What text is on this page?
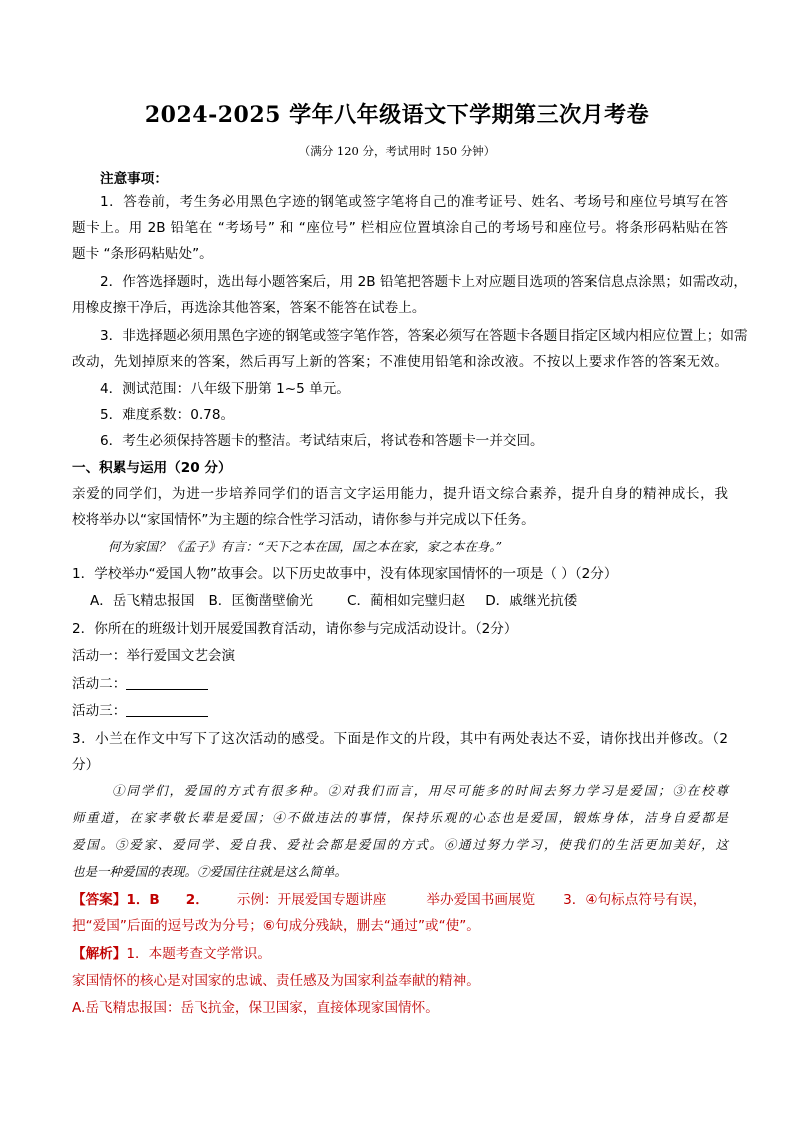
2024-2025 学年八年级语文下学期第三次月考卷
（满分 120 分，考试用时 150 分钟）
注意事项：
1．答卷前，考生务必用黑色字迹的钢笔或签字笔将自己的准考证号、姓名、考场号和座位号填写在答
题卡上。用 2B 铅笔在 “考场号” 和 “座位号” 栏相应位置填涂自己的考场号和座位号。将条形码粘贴在答
题卡 “条形码粘贴处”。
2．作答选择题时，选出每小题答案后，用 2B 铅笔把答题卡上对应题目选项的答案信息点涂黑；如需改动，
用橡皮擦干净后，再选涂其他答案，答案不能答在试卷上。
3．非选择题必须用黑色字迹的钢笔或签字笔作答，答案必须写在答题卡各题目指定区域内相应位置上；如需
改动，先划掉原来的答案，然后再写上新的答案；不准使用铅笔和涂改液。不按以上要求作答的答案无效。
4．测试范围：八年级下册第 1~5 单元。
5．难度系数：0.78。
6．考生必须保持答题卡的整洁。考试结束后，将试卷和答题卡一并交回。
一、积累与运用（20 分）
亲爱的同学们，为进一步培养同学们的语言文字运用能力，提升语文综合素养，提升自身的精神成长，我
校将举办以“家国情怀”为主题的综合性学习活动，请你参与并完成以下任务。
何为家国？《孟子》有言：“天下之本在国，国之本在家，家之本在身。”
1．学校举办“爱国人物”故事会。以下历史故事中，没有体现家国情怀的一项是（ ）（2分）
A．岳飞精忠报国 B．匡衡凿壁偷光	C．蔺相如完璧归赵 D．戚继光抗倭
2．你所在的班级计划开展爱国教育活动，请你参与完成活动设计。（2分）
活动一：举行爱国文艺会演
活动二：
活动三：
3．小兰在作文中写下了这次活动的感受。下面是作文的片段，其中有两处表达不妥，请你找出并修改。（2
分）
①同学们，爱国的方式有很多种。②对我们而言，用尽可能多的时间去努力学习是爱国；③在校尊
师重道，在家孝敬长辈是爱国；④不做违法的事情，保持乐观的心态也是爱国，锻炼身体，洁身自爱都是
爱国。⑤爱家、爱同学、爱自我、爱社会都是爱国的方式。⑥通过努力学习，使我们的生活更加美好，这
也是一种爱国的表现。⑦爱国往往就是这么简单。
【答案】1．B 2． 示例：开展爱国专题讲座	举办爱国书画展览 3．④句标点符号有误，
把“爱国”后面的逗号改为分号；⑥句成分残缺，删去“通过”或“使”。
【解析】1．本题考查文学常识。
家国情怀的核心是对国家的忠诚、责任感及为国家利益奉献的精神。
A.岳飞精忠报国：岳飞抗金，保卫国家，直接体现家国情怀。
